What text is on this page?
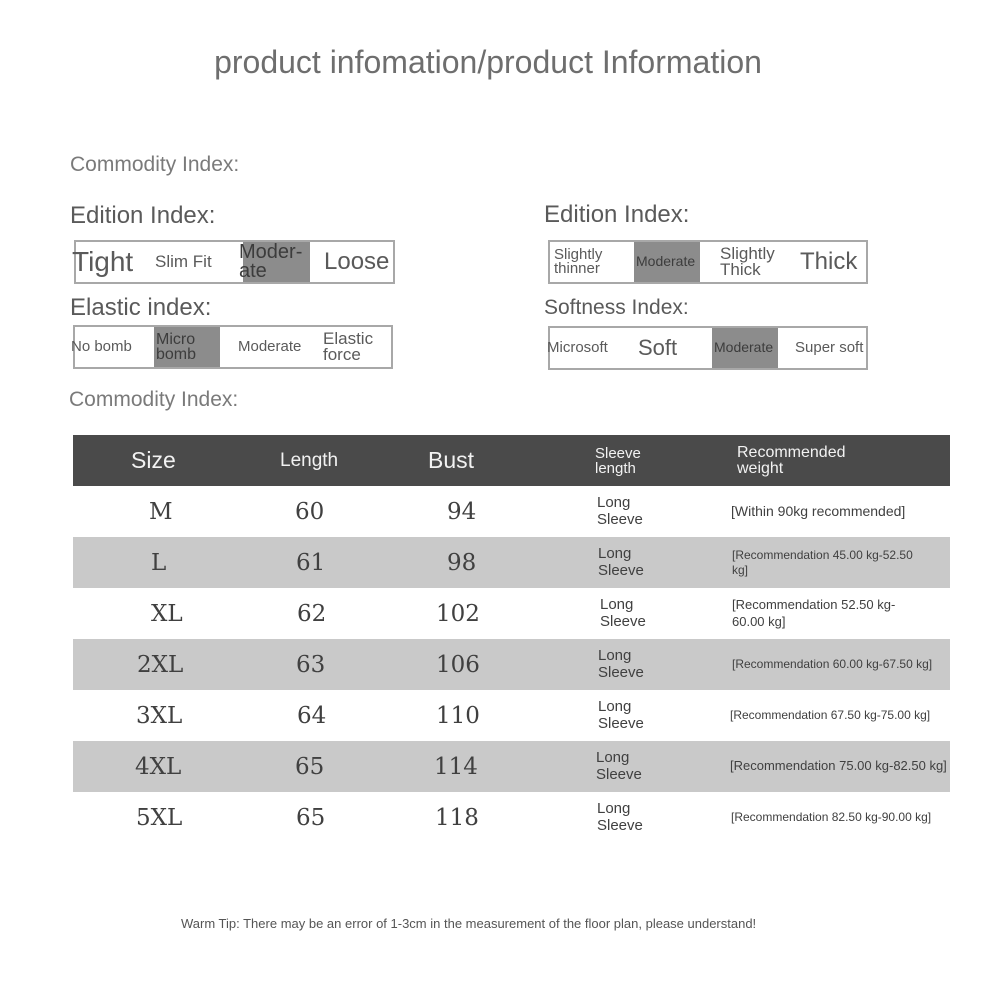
product infomation/product Information
Commodity Index:
Edition Index:
Tight Slim Fit Moder-
ate	Loose
Edition Index:
Slightly
thinner	Moderate Slightly
Thick	Thick
Elastic index:
No bomb Micro
bomb	Moderate Elastic
force
Softness Index:
Microsoft Soft	Moderate Super soft
Commodity Index:
Size	Length	Bust	Sleeve
length	Recommended
weight
M	60	94	Long
Sleeve	[Within 90kg recommended]
L	61	98	Long
Sleeve	[Recommendation 45.00 kg-52.50 kg]
XL	62	102	Long
Sleeve	[Recommendation 52.50 kg-60.00 kg]
2XL	63	106	Long
Sleeve	[Recommendation 60.00 kg-67.50 kg]
3XL	64	110	Long
Sleeve	[Recommendation 67.50 kg-75.00 kg]
4XL	65	114	Long
Sleeve	[Recommendation 75.00 kg-82.50 kg]
5XL	65	118	Long
Sleeve	[Recommendation 82.50 kg-90.00 kg]
Warm Tip: There may be an error of 1-3cm in the measurement of the floor plan, please understand!
